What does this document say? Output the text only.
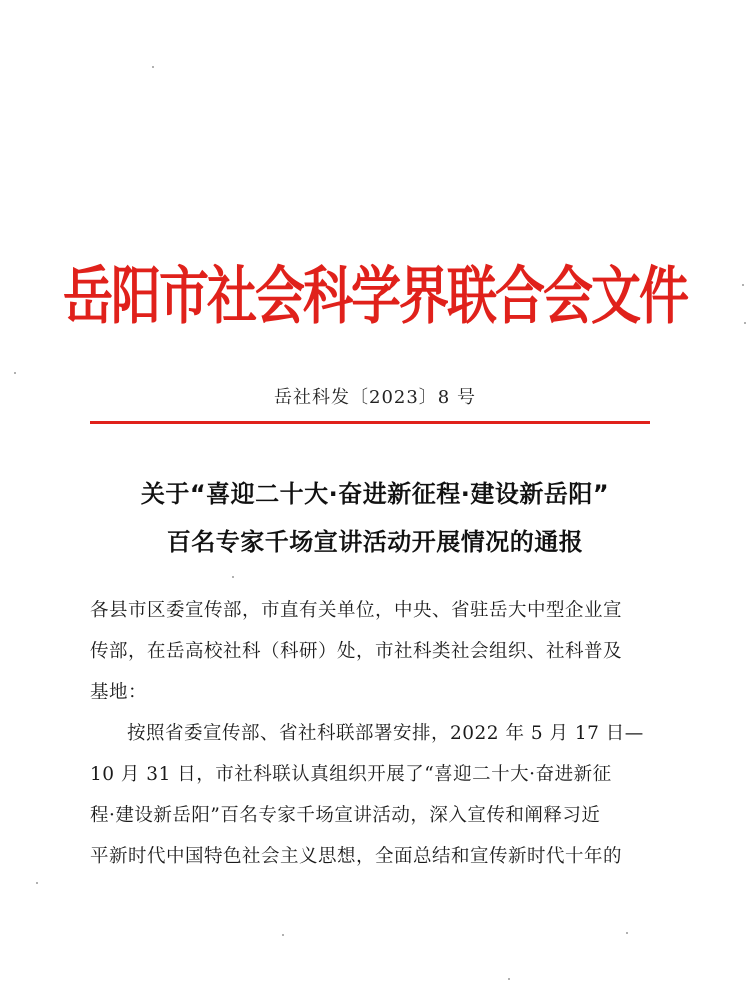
岳阳市社会科学界联合会文件
岳社科发〔2023〕8 号
关于“喜迎二十大·奋进新征程·建设新岳阳”
百名专家千场宣讲活动开展情况的通报
各县市区委宣传部，市直有关单位，中央、省驻岳大中型企业宣
传部，在岳高校社科（科研）处，市社科类社会组织、社科普及
基地：
按照省委宣传部、省社科联部署安排，2022 年 5 月 17 日—
10 月 31 日，市社科联认真组织开展了“喜迎二十大·奋进新征
程·建设新岳阳”百名专家千场宣讲活动，深入宣传和阐释习近
平新时代中国特色社会主义思想，全面总结和宣传新时代十年的
